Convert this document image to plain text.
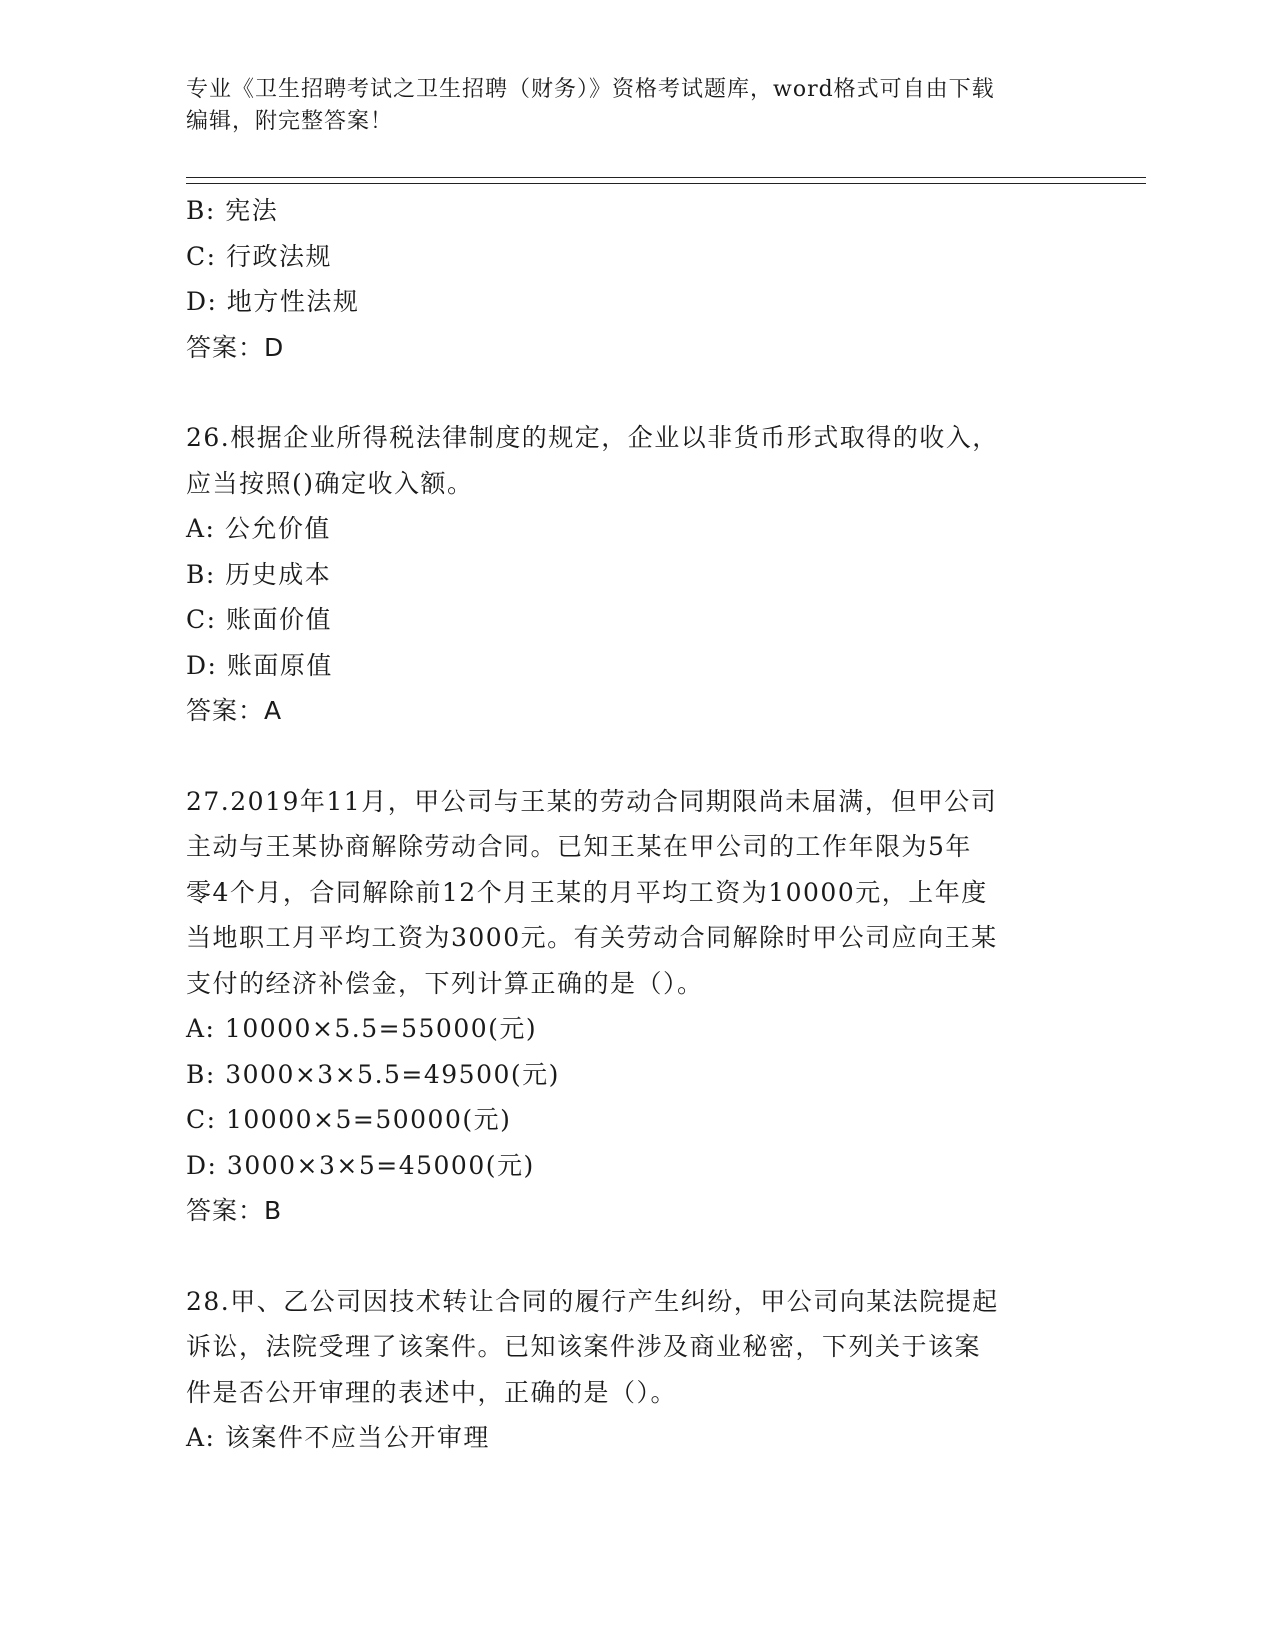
专业《卫生招聘考试之卫生招聘（财务）》资格考试题库，word格式可自由下载

编辑，附完整答案！

B: 宪法

C: 行政法规

D: 地方性法规

答案：D

26.根据企业所得税法律制度的规定，企业以非货币形式取得的收入，

应当按照()确定收入额。

A: 公允价值

B: 历史成本

C: 账面价值

D: 账面原值

答案：A

27.2019年11月，甲公司与王某的劳动合同期限尚未届满，但甲公司

主动与王某协商解除劳动合同。已知王某在甲公司的工作年限为5年

零4个月，合同解除前12个月王某的月平均工资为10000元，上年度

当地职工月平均工资为3000元。有关劳动合同解除时甲公司应向王某

支付的经济补偿金，下列计算正确的是（）。

A: 10000×5.5=55000(元)

B: 3000×3×5.5=49500(元)

C: 10000×5=50000(元)

D: 3000×3×5=45000(元)

答案：B

28.甲、乙公司因技术转让合同的履行产生纠纷，甲公司向某法院提起

诉讼，法院受理了该案件。已知该案件涉及商业秘密，下列关于该案

件是否公开审理的表述中，正确的是（）。

A: 该案件不应当公开审理
